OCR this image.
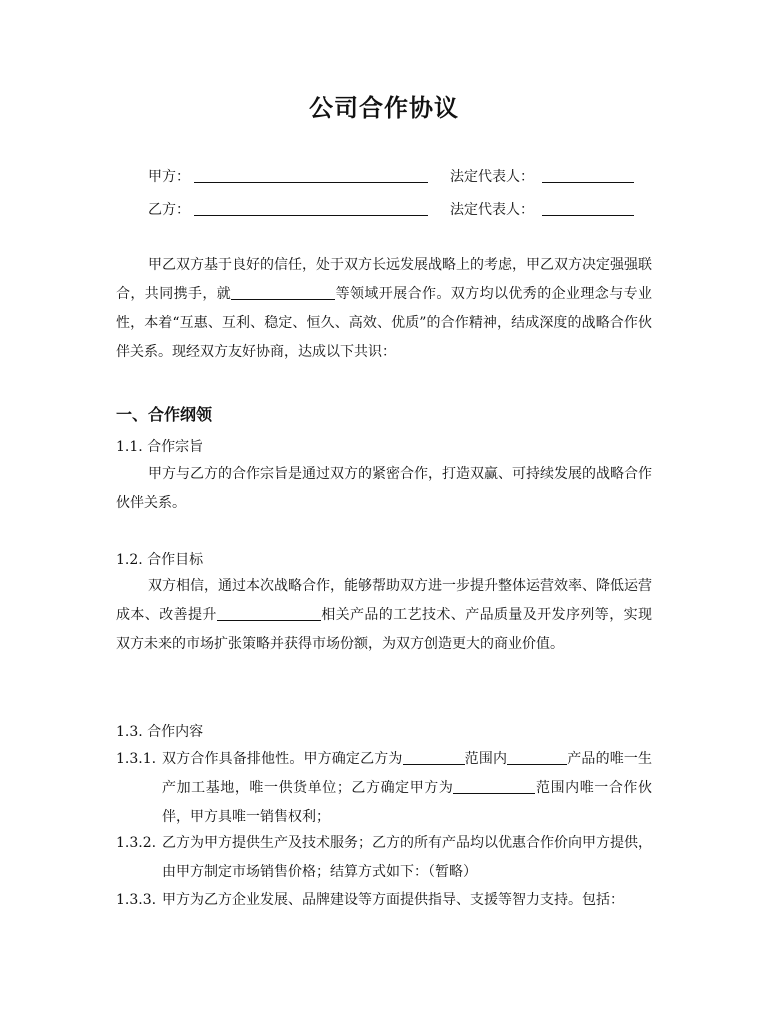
公司合作协议
甲方：	法定代表人：
乙方：	法定代表人：
甲乙双方基于良好的信任，处于双方长远发展战略上的考虑，甲乙双方决定强强联合，共同携手，就	等领域开展合作。双方均以优秀的企业理念与专业性，本着“互惠、互利、稳定、恒久、高效、优质”的合作精神，结成深度的战略合作伙伴关系。现经双方友好协商，达成以下共识：
一、合作纲领
1.1. 合作宗旨
甲方与乙方的合作宗旨是通过双方的紧密合作，打造双赢、可持续发展的战略合作伙伴关系。
1.2. 合作目标
双方相信，通过本次战略合作，能够帮助双方进一步提升整体运营效率、降低运营成本、改善提升	相关产品的工艺技术、产品质量及开发序列等，实现双方未来的市场扩张策略并获得市场份额，为双方创造更大的商业价值。
1.3. 合作内容
1.3.1. 双方合作具备排他性。甲方确定乙方为	范围内	产品的唯一生产加工基地，唯一供货单位；乙方确定甲方为	范围内唯一合作伙伴，甲方具唯一销售权利；
1.3.2. 乙方为甲方提供生产及技术服务；乙方的所有产品均以优惠合作价向甲方提供，由甲方制定市场销售价格；结算方式如下：（暂略）
1.3.3. 甲方为乙方企业发展、品牌建设等方面提供指导、支援等智力支持。包括：
